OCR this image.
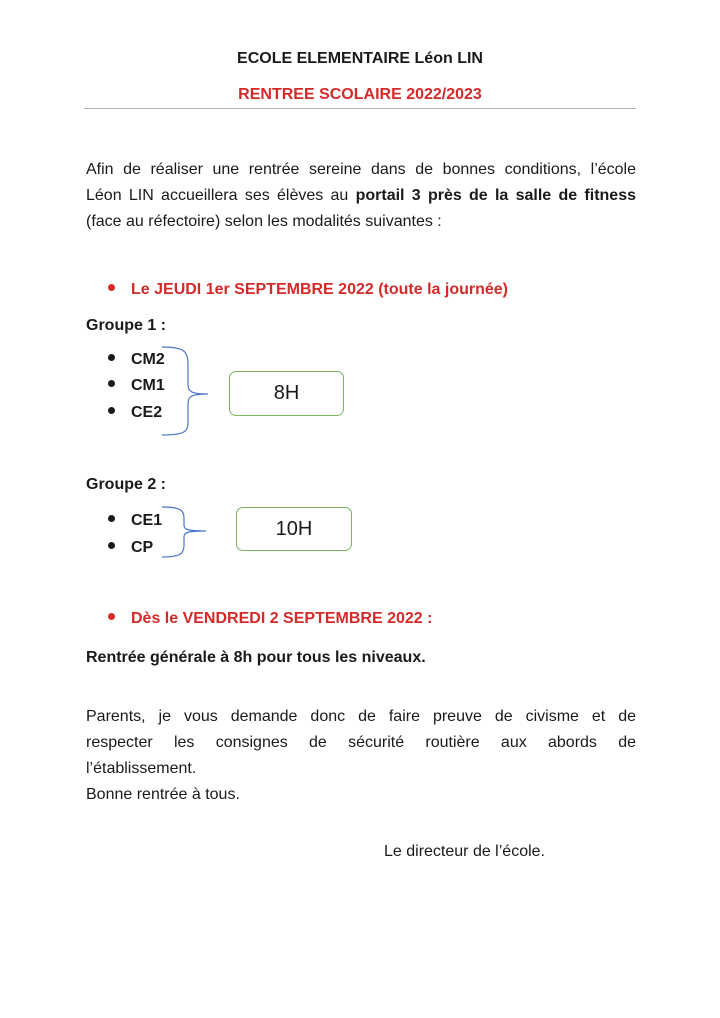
ECOLE ELEMENTAIRE Léon LIN
RENTREE SCOLAIRE 2022/2023
Afin de réaliser une rentrée sereine dans de bonnes conditions, l’école
Léon LIN accueillera ses élèves au portail 3 près de la salle de fitness
(face au réfectoire) selon les modalités suivantes :
Le JEUDI 1er SEPTEMBRE 2022 (toute la journée)
Groupe 1 :
CM2
CM1
CE2
8H
Groupe 2 :
CE1
CP
10H
Dès le VENDREDI 2 SEPTEMBRE 2022 :
Rentrée générale à 8h pour tous les niveaux.
Parents, je vous demande donc de faire preuve de civisme et de
respecter les consignes de sécurité routière aux abords de
l’établissement.
Bonne rentrée à tous.
Le directeur de l’école.
